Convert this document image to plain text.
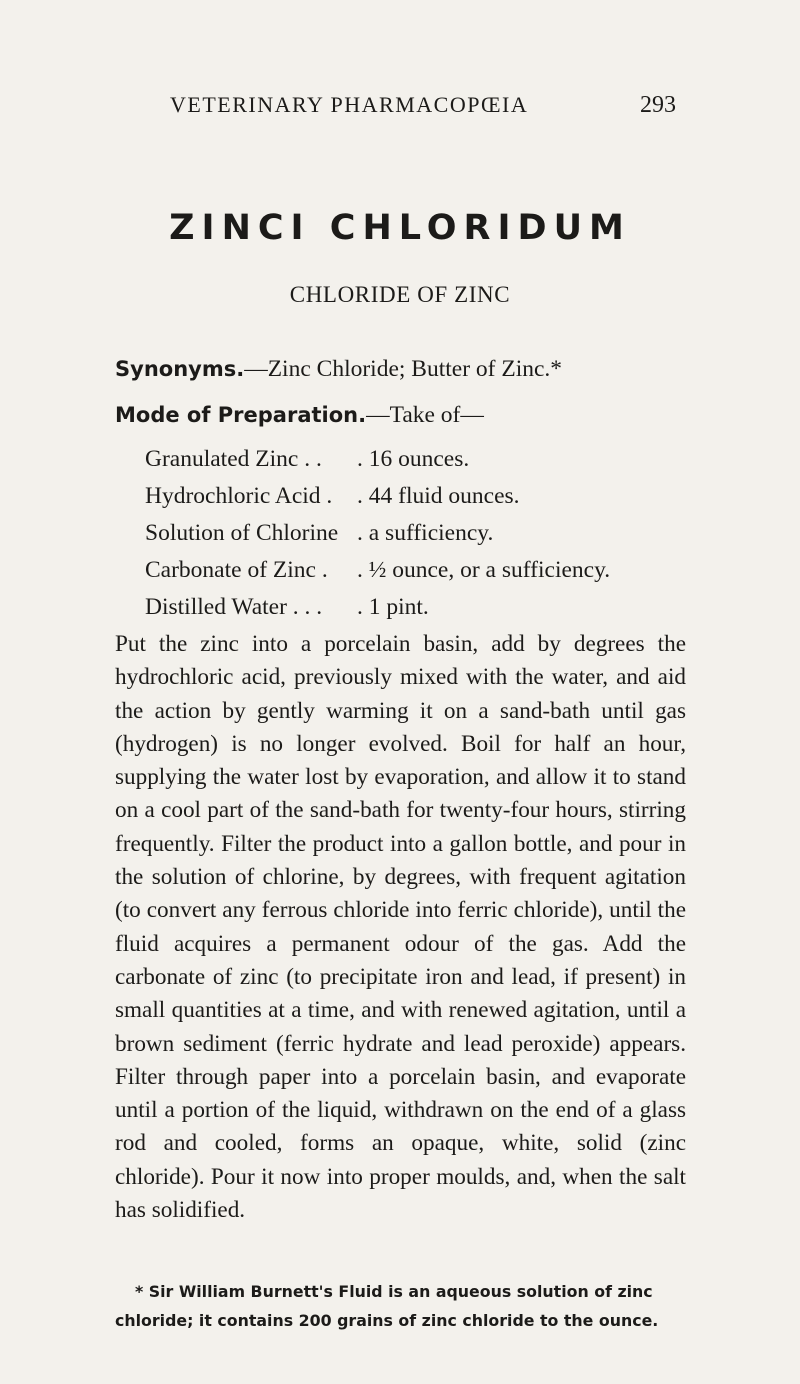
VETERINARY PHARMACOPŒIA	293
ZINCI CHLORIDUM
CHLORIDE OF ZINC
Synonyms.—Zinc Chloride; Butter of Zinc.*
Mode of Preparation.—Take of—
Granulated Zinc . . . 16 ounces.
Hydrochloric Acid . . 44 fluid ounces.
Solution of Chlorine . a sufficiency.
Carbonate of Zinc . . ½ ounce, or a sufficiency.
Distilled Water . . . . 1 pint.
Put the zinc into a porcelain basin, add by degrees the hydrochloric acid, previously mixed with the water, and aid the action by gently warming it on a sand-bath until gas (hydrogen) is no longer evolved. Boil for half an hour, supplying the water lost by evaporation, and allow it to stand on a cool part of the sand-bath for twenty-four hours, stirring frequently. Filter the product into a gallon bottle, and pour in the solution of chlorine, by degrees, with frequent agitation (to convert any ferrous chloride into ferric chloride), until the fluid acquires a permanent odour of the gas. Add the carbonate of zinc (to precipitate iron and lead, if present) in small quantities at a time, and with renewed agitation, until a brown sediment (ferric hydrate and lead peroxide) appears. Filter through paper into a porcelain basin, and evaporate until a portion of the liquid, withdrawn on the end of a glass rod and cooled, forms an opaque, white, solid (zinc chloride). Pour it now into proper moulds, and, when the salt has solidified.
* Sir William Burnett's Fluid is an aqueous solution of zinc chloride; it contains 200 grains of zinc chloride to the ounce.
